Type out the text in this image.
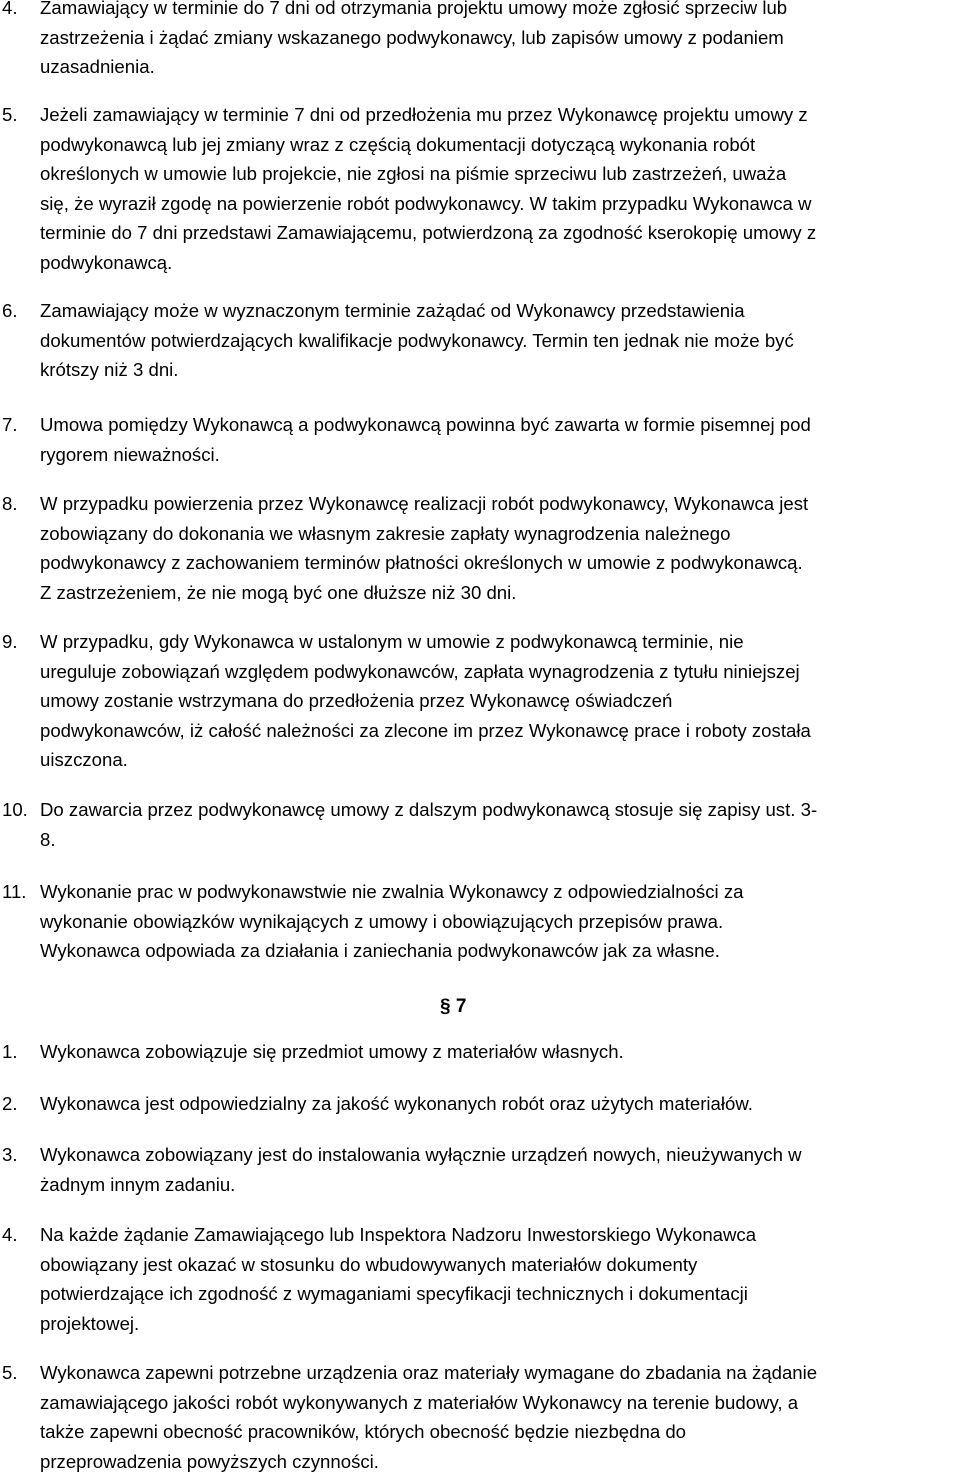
§ 7
4. Zamawiający w terminie do 7 dni od otrzymania projektu umowy może zgłosić sprzeciw lub
zastrzeżenia i żądać zmiany wskazanego podwykonawcy, lub zapisów umowy z podaniem
uzasadnienia.
5. Jeżeli zamawiający w terminie 7 dni od przedłożenia mu przez Wykonawcę projektu umowy z
podwykonawcą lub jej zmiany wraz z częścią dokumentacji dotyczącą wykonania robót
określonych w umowie lub projekcie, nie zgłosi na piśmie sprzeciwu lub zastrzeżeń, uważa
się, że wyraził zgodę na powierzenie robót podwykonawcy. W takim przypadku Wykonawca w
terminie do 7 dni przedstawi Zamawiającemu, potwierdzoną za zgodność kserokopię umowy z
podwykonawcą.
6. Zamawiający może w wyznaczonym terminie zażądać od Wykonawcy przedstawienia
dokumentów potwierdzających kwalifikacje podwykonawcy. Termin ten jednak nie może być
krótszy niż 3 dni.
7. Umowa pomiędzy Wykonawcą a podwykonawcą powinna być zawarta w formie pisemnej pod
rygorem nieważności.
8. W przypadku powierzenia przez Wykonawcę realizacji robót podwykonawcy, Wykonawca jest
zobowiązany do dokonania we własnym zakresie zapłaty wynagrodzenia należnego
podwykonawcy z zachowaniem terminów płatności określonych w umowie z podwykonawcą.
Z zastrzeżeniem, że nie mogą być one dłuższe niż 30 dni.
9. W przypadku, gdy Wykonawca w ustalonym w umowie z podwykonawcą terminie, nie
ureguluje zobowiązań względem podwykonawców, zapłata wynagrodzenia z tytułu niniejszej
umowy zostanie wstrzymana do przedłożenia przez Wykonawcę oświadczeń
podwykonawców, iż całość należności za zlecone im przez Wykonawcę prace i roboty została
uiszczona.
10. Do zawarcia przez podwykonawcę umowy z dalszym podwykonawcą stosuje się zapisy ust. 3-
8.
11. Wykonanie prac w podwykonawstwie nie zwalnia Wykonawcy z odpowiedzialności za
wykonanie obowiązków wynikających z umowy i obowiązujących przepisów prawa.
Wykonawca odpowiada za działania i zaniechania podwykonawców jak za własne.
1. Wykonawca zobowiązuje się przedmiot umowy z materiałów własnych.
2. Wykonawca jest odpowiedzialny za jakość wykonanych robót oraz użytych materiałów.
3. Wykonawca zobowiązany jest do instalowania wyłącznie urządzeń nowych, nieużywanych w
żadnym innym zadaniu.
4. Na każde żądanie Zamawiającego lub Inspektora Nadzoru Inwestorskiego Wykonawca
obowiązany jest okazać w stosunku do wbudowywanych materiałów dokumenty
potwierdzające ich zgodność z wymaganiami specyfikacji technicznych i dokumentacji
projektowej.
5. Wykonawca zapewni potrzebne urządzenia oraz materiały wymagane do zbadania na żądanie
zamawiającego jakości robót wykonywanych z materiałów Wykonawcy na terenie budowy, a
także zapewni obecność pracowników, których obecność będzie niezbędna do
przeprowadzenia powyższych czynności.
